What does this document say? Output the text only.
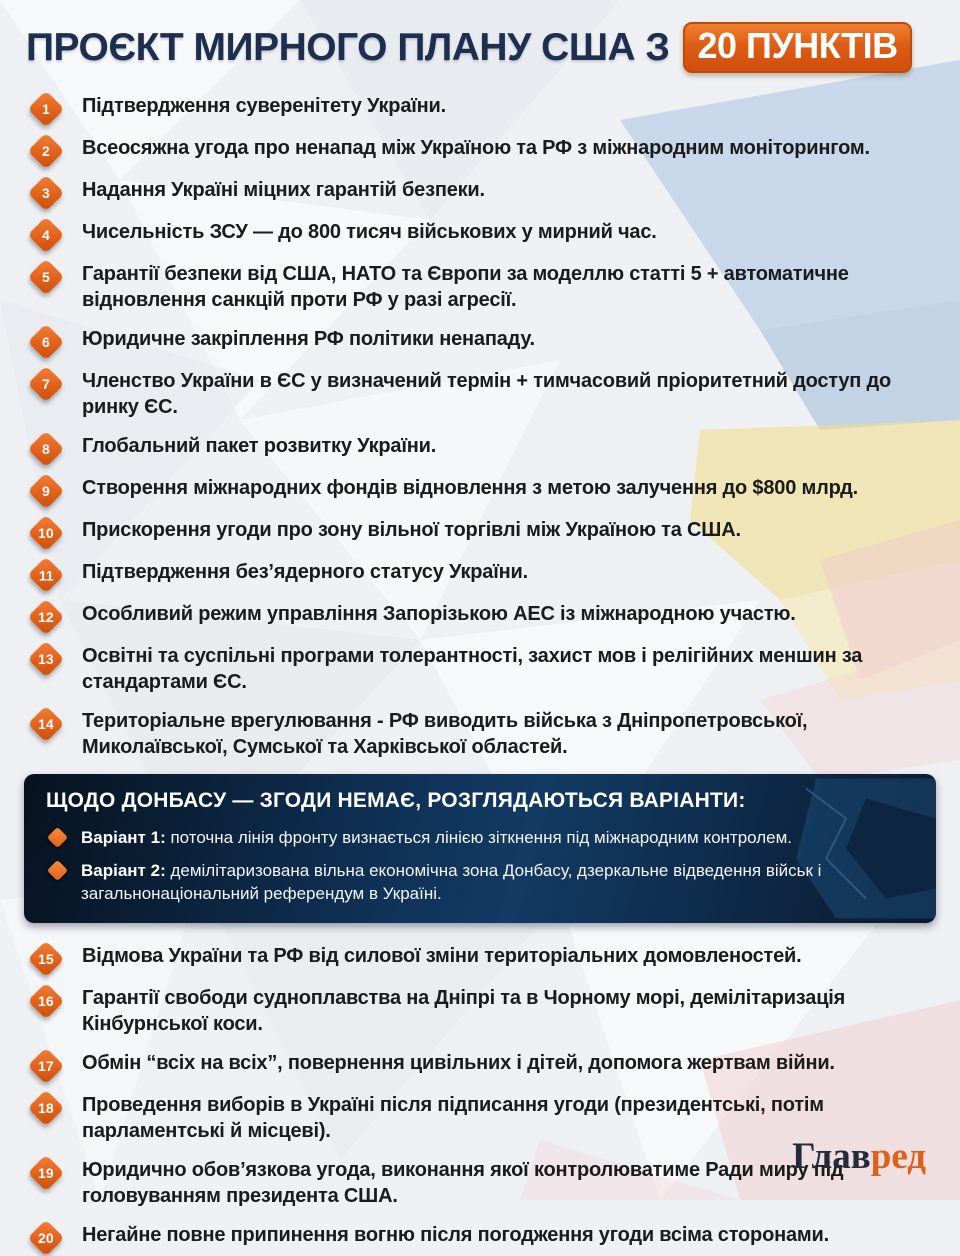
ПРОЄКТ МИРНОГО ПЛАНУ США З 20 ПУНКТІВ
1 Підтвердження суверенітету України.

2 Всеосяжна угода про ненапад між Україною та РФ з міжнародним моніторингом.

3 Надання Україні міцних гарантій безпеки.

4 Чисельність ЗСУ — до 800 тисяч військових у мирний час.

5 Гарантії безпеки від США, НАТО та Європи за моделлю статті 5 + автоматичне відновлення санкцій проти РФ у разі агресії.

6 Юридичне закріплення РФ політики ненападу.

7 Членство України в ЄС у визначений термін + тимчасовий пріоритетний доступ до ринку ЄС.

8 Глобальний пакет розвитку України.

9 Створення міжнародних фондів відновлення з метою залучення до $800 млрд.

10 Прискорення угоди про зону вільної торгівлі між Україною та США.

11 Підтвердження без’ядерного статусу України.

12 Особливий режим управління Запорізькою АЕС із міжнародною участю.

13 Освітні та суспільні програми толерантності, захист мов і релігійних меншин за стандартами ЄС.

14 Територіальне врегулювання - РФ виводить війська з Дніпропетровської, Миколаївської, Сумської та Харківської областей.

ЩОДО ДОНБАСУ — ЗГОДИ НЕМАЄ, РОЗГЛЯДАЮТЬСЯ ВАРІАНТИ:

Варіант 1: поточна лінія фронту визнається лінією зіткнення під міжнародним контролем.

Варіант 2: демілітаризована вільна економічна зона Донбасу, дзеркальне відведення військ і загальнонаціональний референдум в Україні.

15 Відмова України та РФ від силової зміни територіальних домовленостей.

16 Гарантії свободи судноплавства на Дніпрі та в Чорному морі, демілітаризація Кінбурнської коси.

17 Обмін “всіх на всіх”, повернення цивільних і дітей, допомога жертвам війни.

18 Проведення виборів в Україні після підписання угоди (президентські, потім парламентські й місцеві).

19 Юридично обов’язкова угода, виконання якої контролюватиме Ради миру під головуванням президента США.

20 Негайне повне припинення вогню після погодження угоди всіма сторонами.

Главред
